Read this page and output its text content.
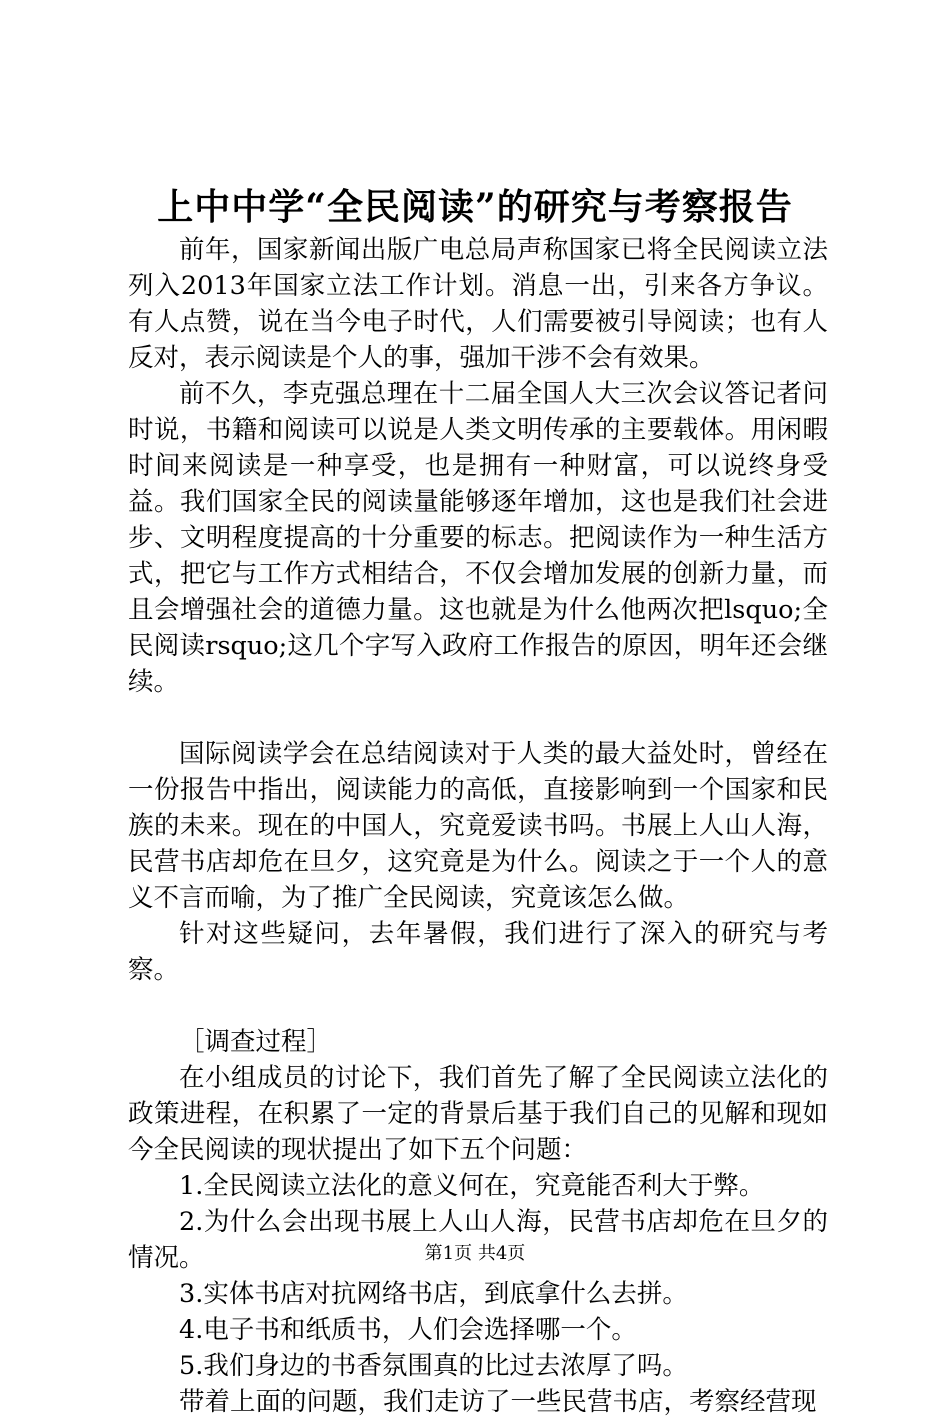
上中中学“全民阅读”的研究与考察报告

前年，国家新闻出版广电总局声称国家已将全民阅读立法列入2013年国家立法工作计划。消息一出，引来各方争议。有人点赞，说在当今电子时代，人们需要被引导阅读；也有人反对，表示阅读是个人的事，强加干涉不会有效果。

前不久，李克强总理在十二届全国人大三次会议答记者问时说，书籍和阅读可以说是人类文明传承的主要载体。用闲暇时间来阅读是一种享受，也是拥有一种财富，可以说终身受益。我们国家全民的阅读量能够逐年增加，这也是我们社会进步、文明程度提高的十分重要的标志。把阅读作为一种生活方式，把它与工作方式相结合，不仅会增加发展的创新力量，而且会增强社会的道德力量。这也就是为什么他两次把lsquo;全民阅读rsquo;这几个字写入政府工作报告的原因，明年还会继续。

国际阅读学会在总结阅读对于人类的最大益处时，曾经在一份报告中指出，阅读能力的高低，直接影响到一个国家和民族的未来。现在的中国人，究竟爱读书吗。书展上人山人海，民营书店却危在旦夕，这究竟是为什么。阅读之于一个人的意义不言而喻，为了推广全民阅读，究竟该怎么做。

针对这些疑问，去年暑假，我们进行了深入的研究与考察。

［调查过程］

在小组成员的讨论下，我们首先了解了全民阅读立法化的政策进程，在积累了一定的背景后基于我们自己的见解和现如今全民阅读的现状提出了如下五个问题：

1.全民阅读立法化的意义何在，究竟能否利大于弊。

2.为什么会出现书展上人山人海，民营书店却危在旦夕的情况。

3.实体书店对抗网络书店，到底拿什么去拼。

4.电子书和纸质书，人们会选择哪一个。

5.我们身边的书香氛围真的比过去浓厚了吗。

带着上面的问题，我们走访了一些民营书店，考察经营现

第1页 共4页
